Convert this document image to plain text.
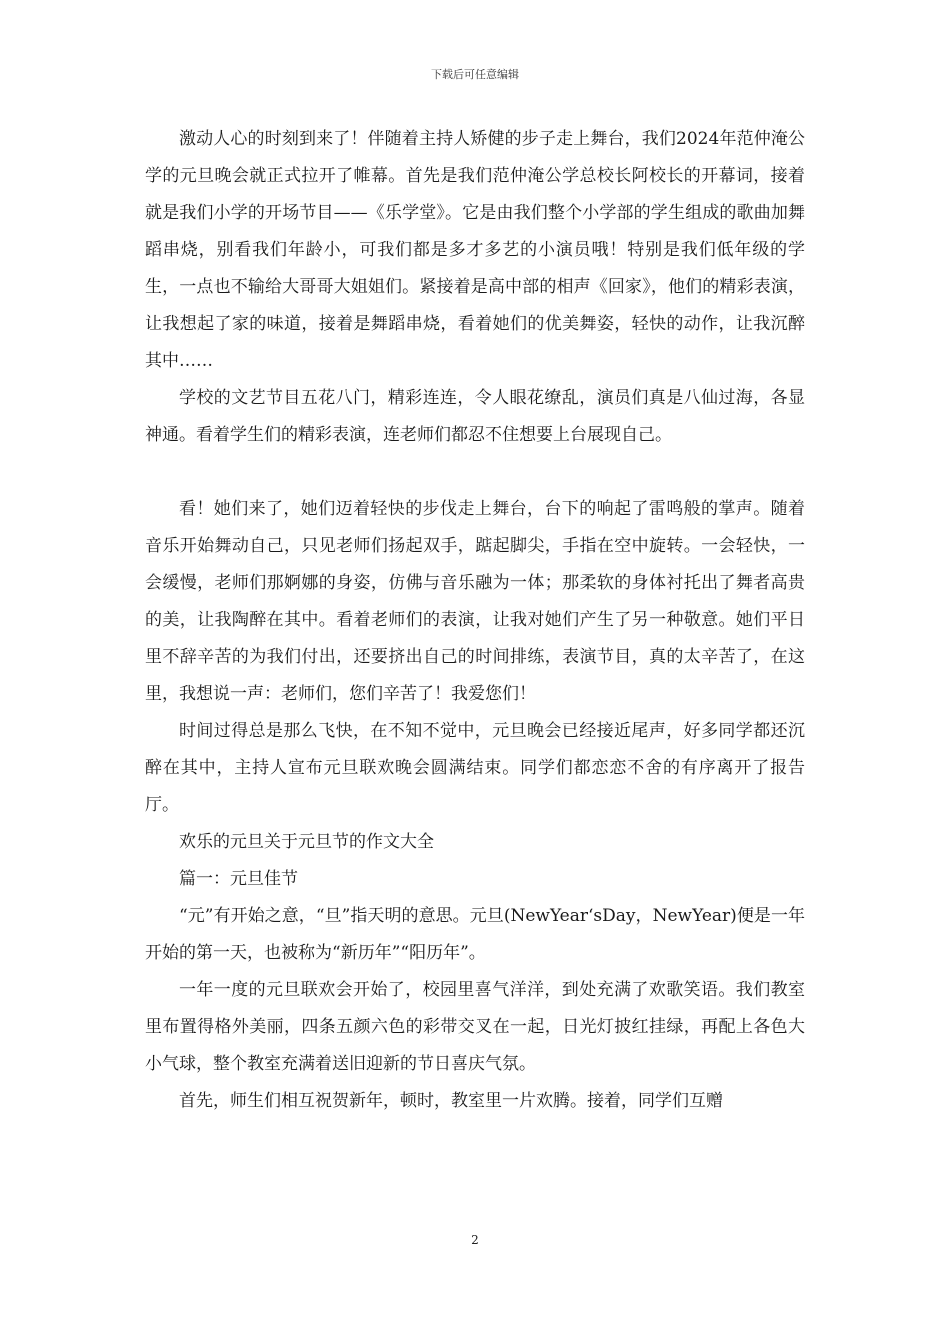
下载后可任意编辑

激动人心的时刻到来了！伴随着主持人矫健的步子走上舞台，我们2024年范仲淹公学的元旦晚会就正式拉开了帷幕。首先是我们范仲淹公学总校长阿校长的开幕词，接着就是我们小学的开场节目——《乐学堂》。它是由我们整个小学部的学生组成的歌曲加舞蹈串烧，别看我们年龄小，可我们都是多才多艺的小演员哦！特别是我们低年级的学生，一点也不输给大哥哥大姐姐们。紧接着是高中部的相声《回家》，他们的精彩表演，让我想起了家的味道，接着是舞蹈串烧，看着她们的优美舞姿，轻快的动作，让我沉醉其中……

学校的文艺节目五花八门，精彩连连，令人眼花缭乱，演员们真是八仙过海，各显神通。看着学生们的精彩表演，连老师们都忍不住想要上台展现自己。

看！她们来了，她们迈着轻快的步伐走上舞台，台下的响起了雷鸣般的掌声。随着音乐开始舞动自己，只见老师们扬起双手，踮起脚尖，手指在空中旋转。一会轻快，一会缓慢，老师们那婀娜的身姿，仿佛与音乐融为一体；那柔软的身体衬托出了舞者高贵的美，让我陶醉在其中。看着老师们的表演，让我对她们产生了另一种敬意。她们平日里不辞辛苦的为我们付出，还要挤出自己的时间排练，表演节目，真的太辛苦了，在这里，我想说一声：老师们，您们辛苦了！我爱您们！

时间过得总是那么飞快，在不知不觉中，元旦晚会已经接近尾声，好多同学都还沉醉在其中，主持人宣布元旦联欢晚会圆满结束。同学们都恋恋不舍的有序离开了报告厅。

欢乐的元旦关于元旦节的作文大全

篇一：元旦佳节

“元”有开始之意，“旦”指天明的意思。元旦(NewYear‘sDay，NewYear)便是一年开始的第一天，也被称为“新历年”“阳历年”。

一年一度的元旦联欢会开始了，校园里喜气洋洋，到处充满了欢歌笑语。我们教室里布置得格外美丽，四条五颜六色的彩带交叉在一起，日光灯披红挂绿，再配上各色大小气球，整个教室充满着送旧迎新的节日喜庆气氛。

首先，师生们相互祝贺新年，顿时，教室里一片欢腾。接着，同学们互赠

2
